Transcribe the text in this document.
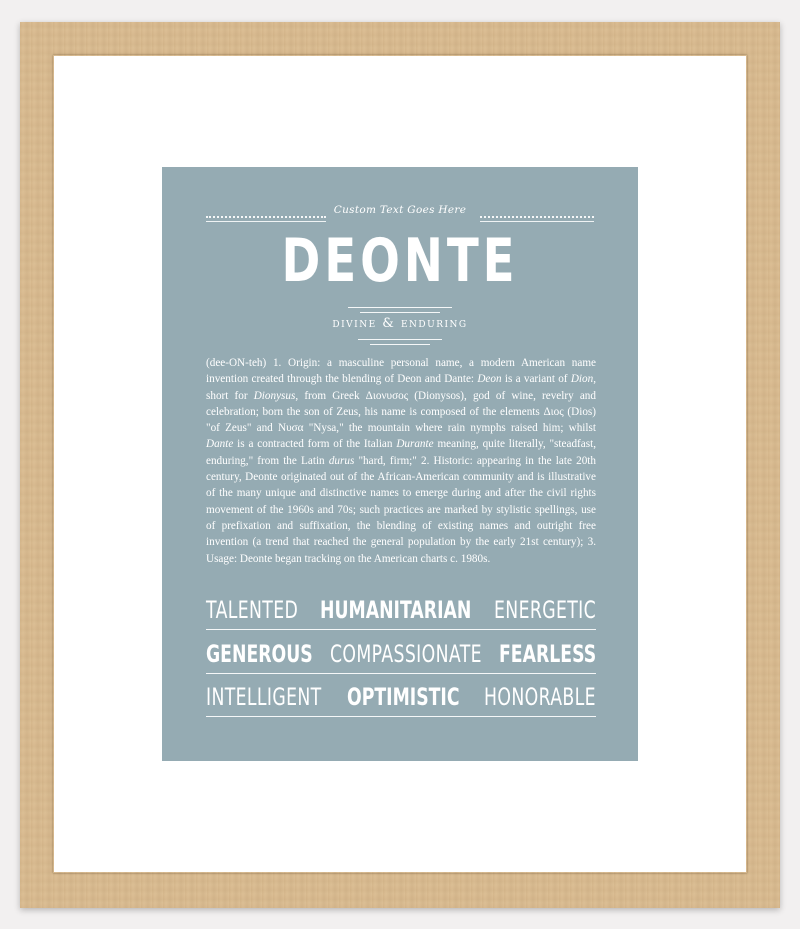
Custom Text Goes Here
DEONTE
divine & enduring
(dee-ON-teh) 1. Origin: a masculine personal name, a modern American name invention created through the blending of Deon and Dante: Deon is a variant of Dion, short for Dionysus, from Greek Διονυσος (Dionysos), god of wine, revelry and celebration; born the son of Zeus, his name is composed of the elements Διος (Dios) "of Zeus" and Νυσα "Nysa," the mountain where rain nymphs raised him; whilst Dante is a contracted form of the Italian Durante meaning, quite literally, "steadfast, enduring," from the Latin durus "hard, firm;" 2. Historic: appearing in the late 20th century, Deonte originated out of the African-American community and is illustrative of the many unique and distinctive names to emerge during and after the civil rights movement of the 1960s and 70s; such practices are marked by stylistic spellings, use of prefixation and suffixation, the blending of existing names and outright free invention (a trend that reached the general population by the early 21st century); 3. Usage: Deonte began tracking on the American charts c. 1980s.
TALENTED HUMANITARIAN ENERGETIC
GENEROUS COMPASSIONATE FEARLESS
INTELLIGENT OPTIMISTIC HONORABLE
